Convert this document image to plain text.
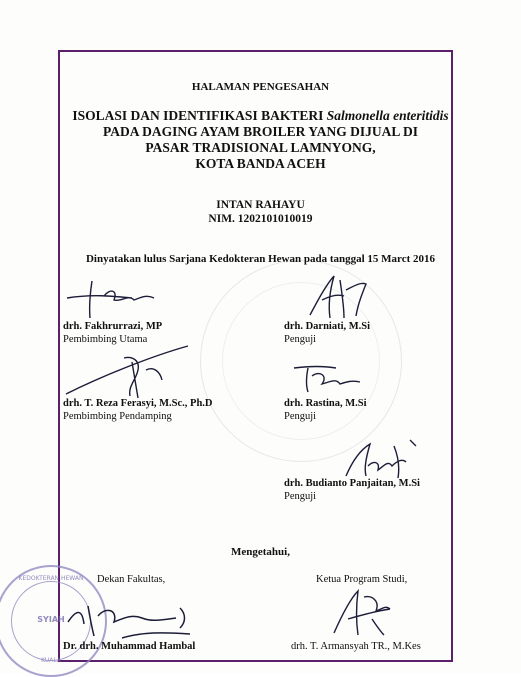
HALAMAN PENGESAHAN
ISOLASI DAN IDENTIFIKASI BAKTERI Salmonella enteritidis
PADA DAGING AYAM BROILER YANG DIJUAL DI
PASAR TRADISIONAL LAMNYONG,
KOTA BANDA ACEH
INTAN RAHAYU
NIM. 1202101010019
Dinyatakan lulus Sarjana Kedokteran Hewan pada tanggal 15 Marct 2016
drh. Fakhrurrazi, MP
Pembimbing Utama
drh. Darniati, M.Si
Penguji
drh. T. Reza Ferasyi, M.Sc., Ph.D
Pembimbing Pendamping
drh. Rastina, M.Si
Penguji
drh. Budianto Panjaitan, M.Si
Penguji
Mengetahui,
Dekan Fakultas,	Ketua Program Studi,
KEDOKTERAN HEWAN
SYIAH
KUALA
Dr. drh. Muhammad Hambal	drh. T. Armansyah TR., M.Kes
